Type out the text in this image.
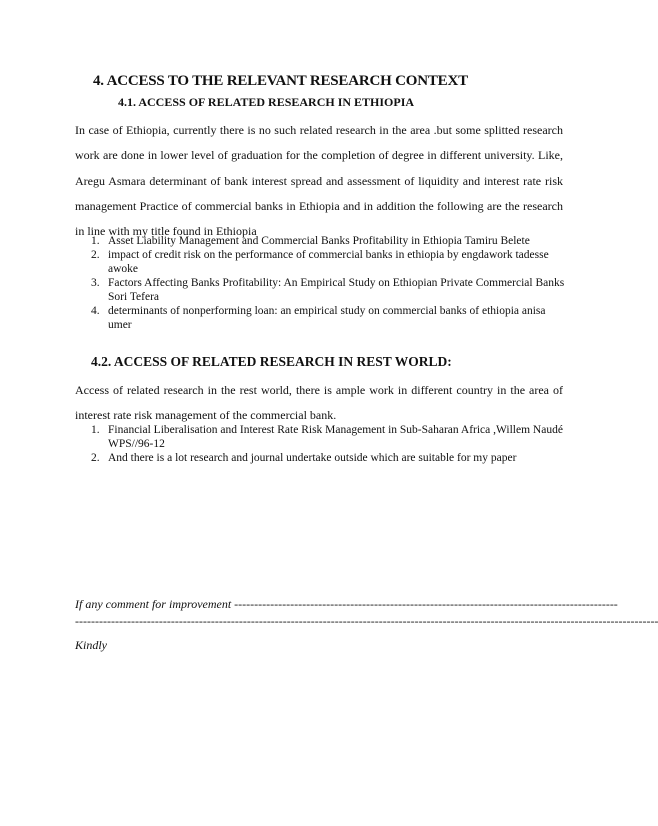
4. ACCESS TO THE RELEVANT RESEARCH CONTEXT
4.1. ACCESS OF RELATED RESEARCH IN ETHIOPIA

In case of Ethiopia, currently there is no such related research in the area .but some splitted research work are done in lower level of graduation for the completion of degree in different university. Like, Aregu Asmara determinant of bank interest spread and assessment of liquidity and interest rate risk management Practice of commercial banks in Ethiopia and in addition the following are the research in line with my title found in Ethiopia

1. Asset Liability Management and Commercial Banks Profitability in Ethiopia Tamiru Belete
2. impact of credit risk on the performance of commercial banks in ethiopia by engdawork tadesse awoke
3. Factors Affecting Banks Profitability: An Empirical Study on Ethiopian Private Commercial Banks Sori Tefera
4. determinants of nonperforming loan: an empirical study on commercial banks of ethiopia anisa umer
4.2. ACCESS OF RELATED RESEARCH IN REST WORLD:

Access of related research in the rest world, there is ample work in different country in the area of interest rate risk management of the commercial bank.

1. Financial Liberalisation and Interest Rate Risk Management in Sub-Saharan Africa ,Willem Naudé WPS//96-12
2. And there is a lot research and journal undertake outside which are suitable for my paper
If any comment for improvement ------------------------------------------------------------------------------------------------
--------------------------------------------------------------------------------------------------------------------------------------------------
Kindly
